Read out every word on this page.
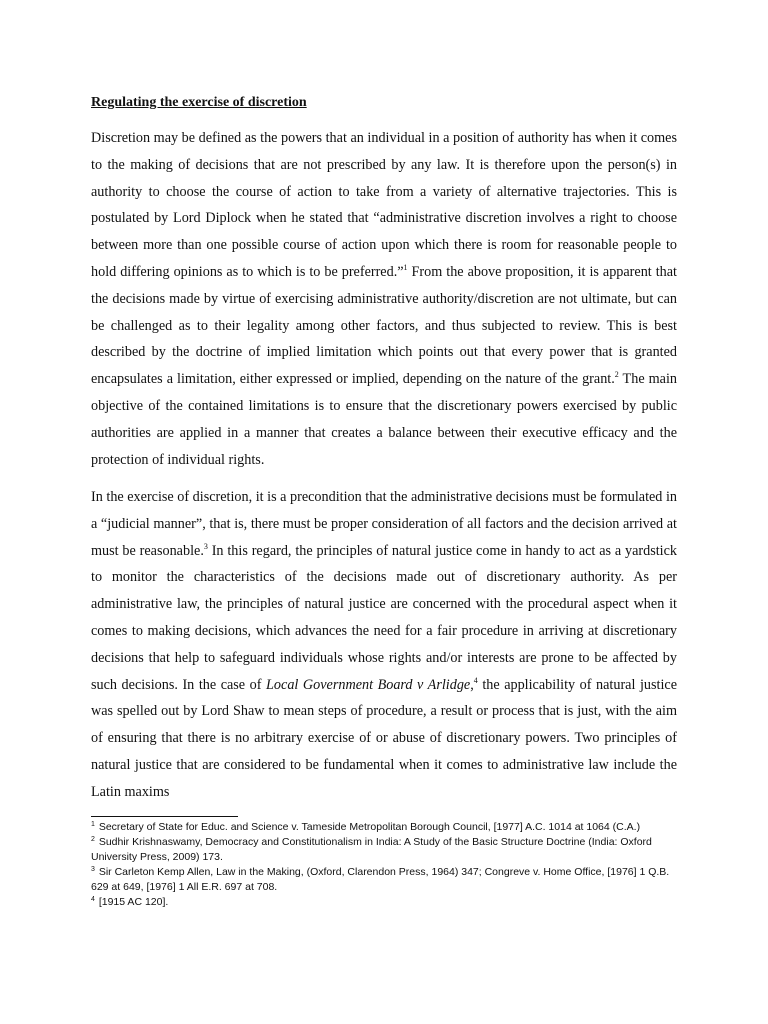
Regulating the exercise of discretion

Discretion may be defined as the powers that an individual in a position of authority has when it comes to the making of decisions that are not prescribed by any law. It is therefore upon the person(s) in authority to choose the course of action to take from a variety of alternative trajectories. This is postulated by Lord Diplock when he stated that “administrative discretion involves a right to choose between more than one possible course of action upon which there is room for reasonable people to hold differing opinions as to which is to be preferred.”$^1$ From the above proposition, it is apparent that the decisions made by virtue of exercising administrative authority/discretion are not ultimate, but can be challenged as to their legality among other factors, and thus subjected to review. This is best described by the doctrine of implied limitation which points out that every power that is granted encapsulates a limitation, either expressed or implied, depending on the nature of the grant.$^2$ The main objective of the contained limitations is to ensure that the discretionary powers exercised by public authorities are applied in a manner that creates a balance between their executive efficacy and the protection of individual rights.

In the exercise of discretion, it is a precondition that the administrative decisions must be formulated in a “judicial manner”, that is, there must be proper consideration of all factors and the decision arrived at must be reasonable.$^3$ In this regard, the principles of natural justice come in handy to act as a yardstick to monitor the characteristics of the decisions made out of discretionary authority. As per administrative law, the principles of natural justice are concerned with the procedural aspect when it comes to making decisions, which advances the need for a fair procedure in arriving at discretionary decisions that help to safeguard individuals whose rights and/or interests are prone to be affected by such decisions. In the case of Local Government Board v Arlidge,$^4$ the applicability of natural justice was spelled out by Lord Shaw to mean steps of procedure, a result or process that is just, with the aim of ensuring that there is no arbitrary exercise of or abuse of discretionary powers. Two principles of natural justice that are considered to be fundamental when it comes to administrative law include the Latin maxims

$^1$ Secretary of State for Educ. and Science v. Tameside Metropolitan Borough Council, [1977] A.C. 1014 at 1064 (C.A.)

$^2$ Sudhir Krishnaswamy, Democracy and Constitutionalism in India: A Study of the Basic Structure Doctrine (India: Oxford University Press, 2009) 173.

$^3$ Sir Carleton Kemp Allen, Law in the Making, (Oxford, Clarendon Press, 1964) 347; Congreve v. Home Office, [1976] 1 Q.B. 629 at 649, [1976] 1 All E.R. 697 at 708.

$^4$ [1915 AC 120].
